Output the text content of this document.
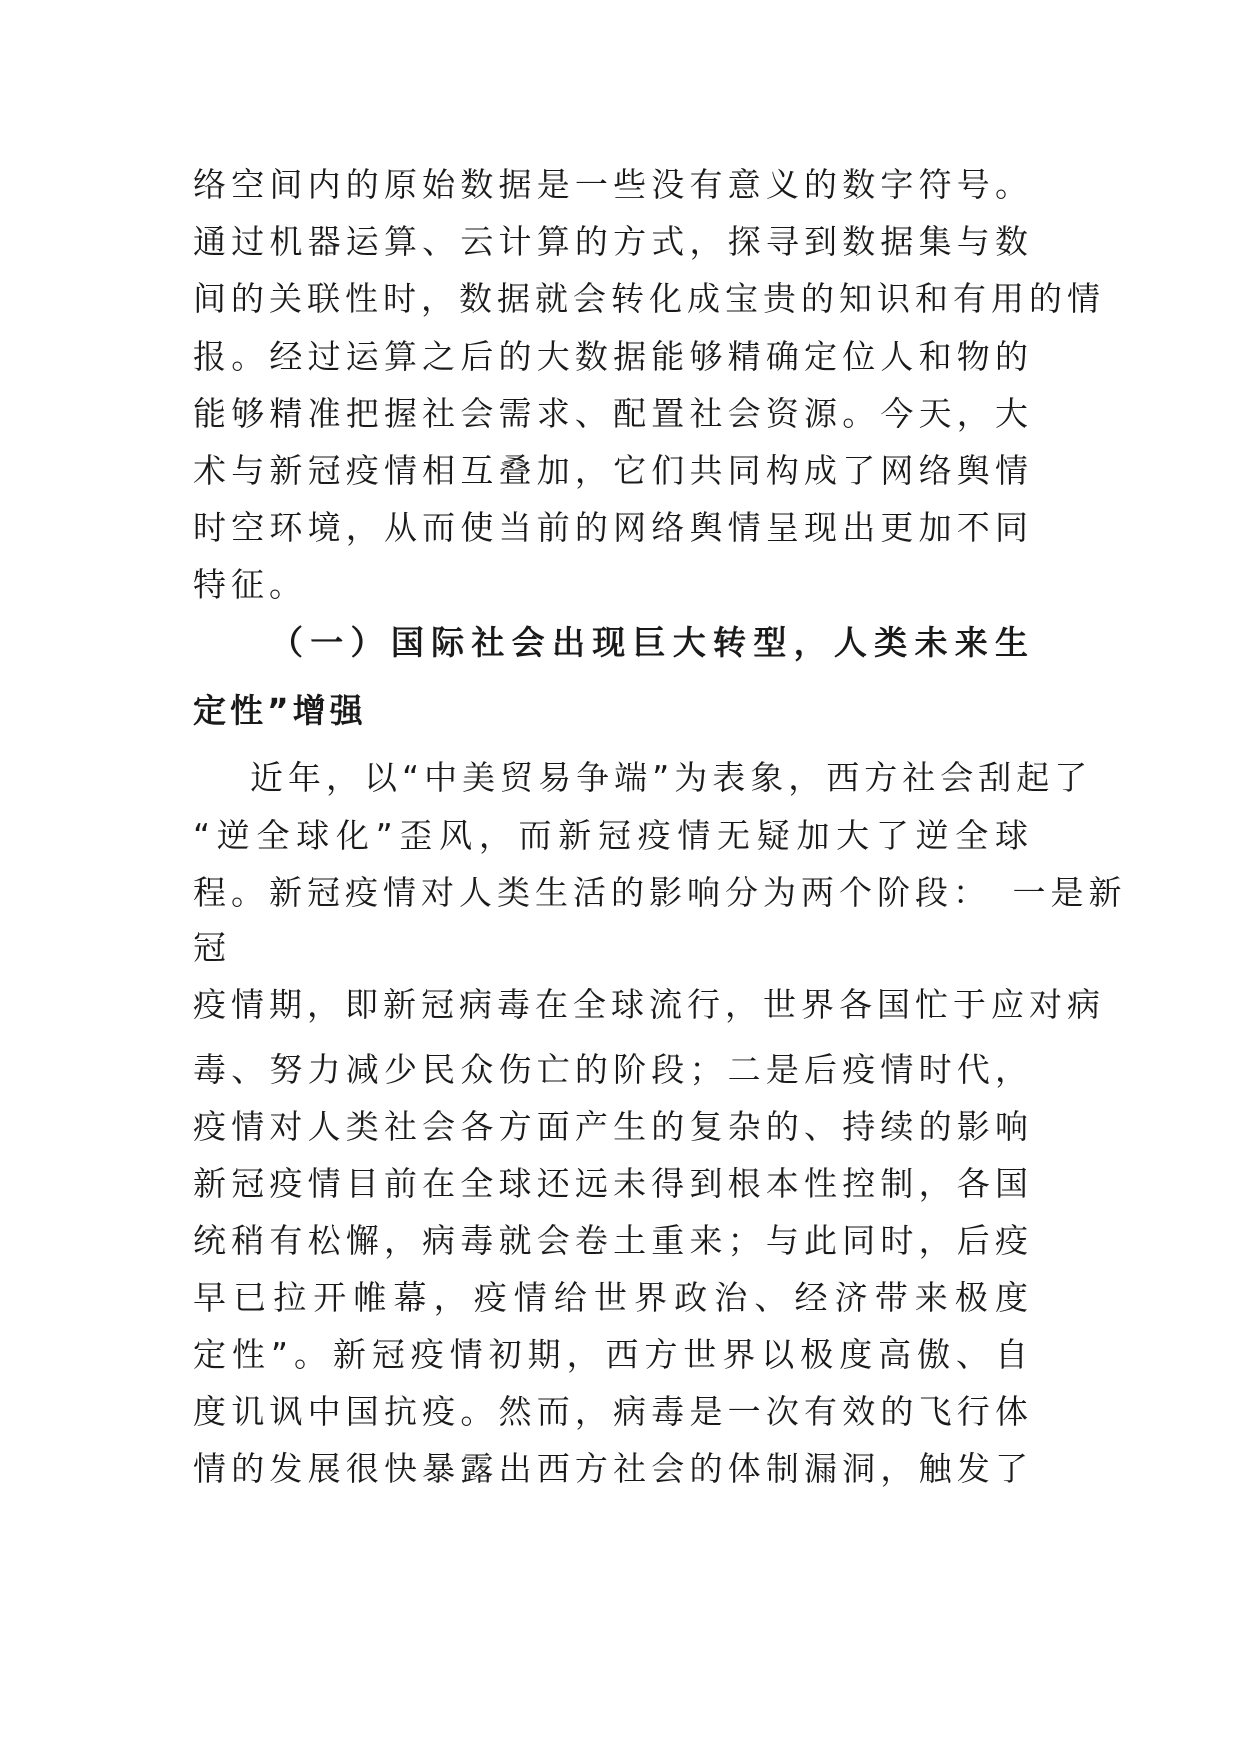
络空间内的原始数据是一些没有意义的数字符号。
通过机器运算、云计算的方式，探寻到数据集与数
间的关联性时，数据就会转化成宝贵的知识和有用的情
报。经过运算之后的大数据能够精确定位人和物的
能够精准把握社会需求、配置社会资源。今天，大
术与新冠疫情相互叠加，它们共同构成了网络舆情
时空环境，从而使当前的网络舆情呈现出更加不同
特征。
（一）国际社会出现巨大转型，人类未来生
定性”增强
近年，以“中美贸易争端”为表象，西方社会刮起了
“逆全球化”歪风，而新冠疫情无疑加大了逆全球
程。新冠疫情对人类生活的影响分为两个阶段：　一是新
冠
疫情期，即新冠病毒在全球流行，世界各国忙于应对病
毒、努力减少民众伤亡的阶段；二是后疫情时代，
疫情对人类社会各方面产生的复杂的、持续的影响
新冠疫情目前在全球还远未得到根本性控制，各国
统稍有松懈，病毒就会卷土重来；与此同时，后疫
早已拉开帷幕，疫情给世界政治、经济带来极度
定性”。新冠疫情初期，西方世界以极度高傲、自
度讥讽中国抗疫。然而，病毒是一次有效的飞行体
情的发展很快暴露出西方社会的体制漏洞，触发了
